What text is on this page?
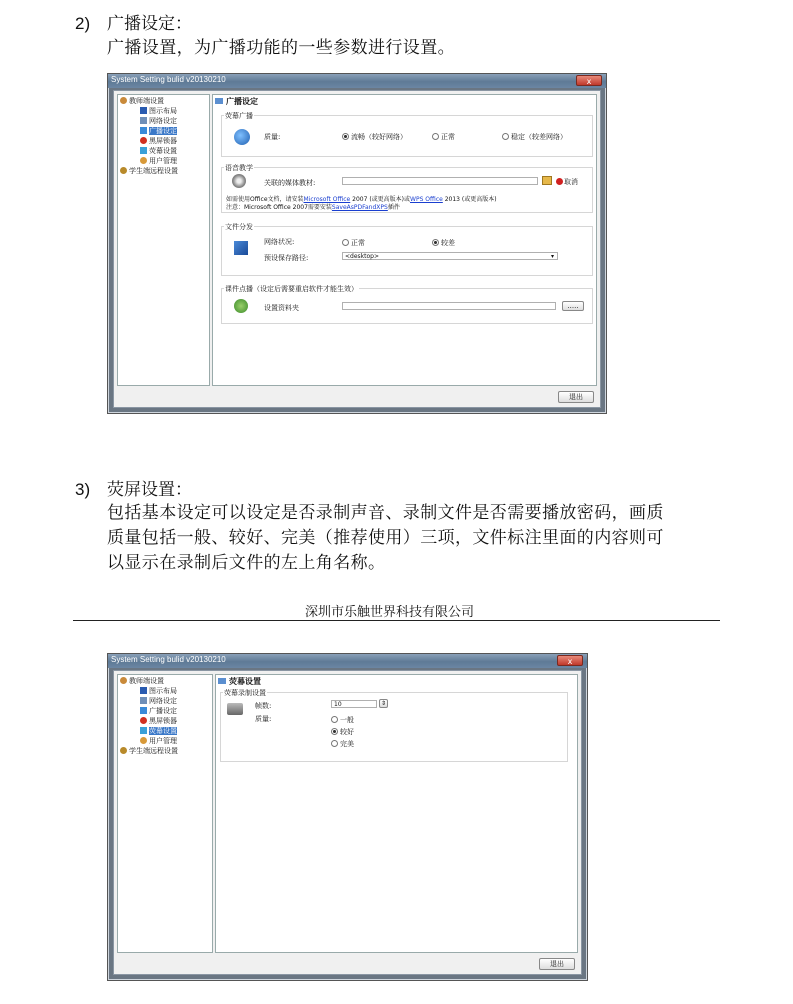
2) 广播设定：
广播设置，为广播功能的一些参数进行设置。
System Setting bulid v20130210	x
教师端设置
图示布局
网络设定
广播设定
黑屏锁器
荧幕设置
用户管理
学生端远程设置
广播设定
荧幕广播
质量:	流畅（较好网络）	正常	稳定（较差网络）
语音教学
关联的媒体教材:	取消
如需使用Office文档，请安装Microsoft Office 2007 (或更高版本)或WPS Office 2013 (或更高版本)
注意：Microsoft Office 2007需要安装SaveAsPDFandXPS插件
文件分发
网络状况:	正常	较差
预设保存路径:	<desktop>	▾
课件点播（设定后需要重启软件才能生效）
设置资料夹	.....
退出
3) 荧屏设置：
包括基本设定可以设定是否录制声音、录制文件是否需要播放密码，画质
质量包括一般、较好、完美（推荐使用）三项，文件标注里面的内容则可
以显示在录制后文件的左上角名称。
深圳市乐触世界科技有限公司
System Setting bulid v20130210	x
教师端设置
图示布局
网络设定
广播设定
黑屏锁器
荧幕设置
用户管理
学生端远程设置
荧幕设置
荧幕录制设置
帧数:	10	⇕
质量:	一般
较好
完美
退出
